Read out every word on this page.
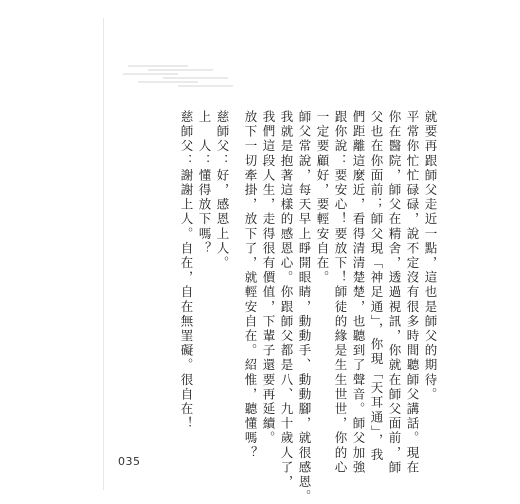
就要再跟師父走近一點，這也是師父的期待。
平常你忙忙碌碌，說不定沒有很多時間聽師父講話。現在
你在醫院，師父在精舍，透過視訊，你就在師父面前，師
父也在你面前；師父現「神足通」，你現「天耳通」，我
們距離這麼近，看得清清楚楚，也聽到了聲音。師父加強
跟你說：要安心！要放下！師徒的緣是生生世世，你的心
一定要顧好，要輕安自在。
師父常說，每天早上睜開眼睛，動動手、動動腳，就很感恩。
我就是抱著這樣的感恩心。你跟師父都是八、九十歲人了，
我們這段人生，走得很有價值，下輩子還要再延續。
放下一切牽掛，放下了，就輕安自在。紹惟，聽懂嗎？
慈師父：好，感恩上人。
上　人：懂得放下嗎？
慈師父：謝謝上人。自在，自在無罣礙。很自在！
035
